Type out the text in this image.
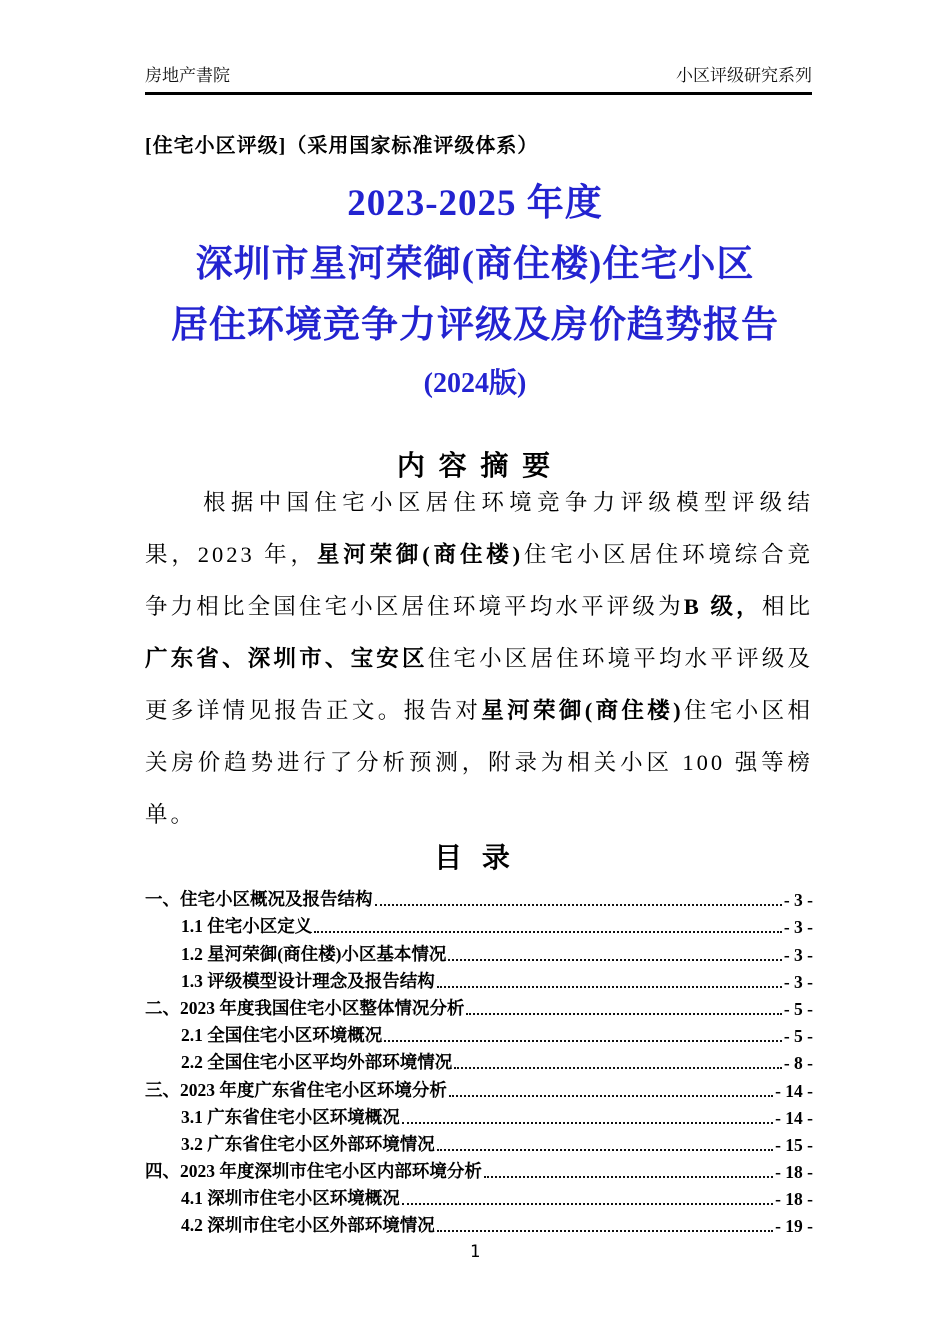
房地产書院	小区评级研究系列
[住宅小区评级]（采用国家标准评级体系）
2023-2025 年度
深圳市星河荣御(商住楼)住宅小区
居住环境竞争力评级及房价趋势报告
(2024版)
内 容 摘 要

根据中国住宅小区居住环境竞争力评级模型评级结果，2023 年，星河荣御(商住楼)住宅小区居住环境综合竞争力相比全国住宅小区居住环境平均水平评级为B 级，相比广东省、深圳市、宝安区住宅小区居住环境平均水平评级及更多详情见报告正文。报告对星河荣御(商住楼)住宅小区相关房价趋势进行了分析预测，附录为相关小区 100 强等榜单。

目 录
一、住宅小区概况及报告结构	- 3 -
1.1 住宅小区定义	- 3 -
1.2 星河荣御(商住楼)小区基本情况	- 3 -
1.3 评级模型设计理念及报告结构	- 3 -
二、2023 年度我国住宅小区整体情况分析	- 5 -
2.1 全国住宅小区环境概况	- 5 -
2.2 全国住宅小区平均外部环境情况	- 8 -
三、2023 年度广东省住宅小区环境分析	- 14 -
3.1 广东省住宅小区环境概况	- 14 -
3.2 广东省住宅小区外部环境情况	- 15 -
四、2023 年度深圳市住宅小区内部环境分析	- 18 -
4.1 深圳市住宅小区环境概况	- 18 -
4.2 深圳市住宅小区外部环境情况	- 19 -
1
